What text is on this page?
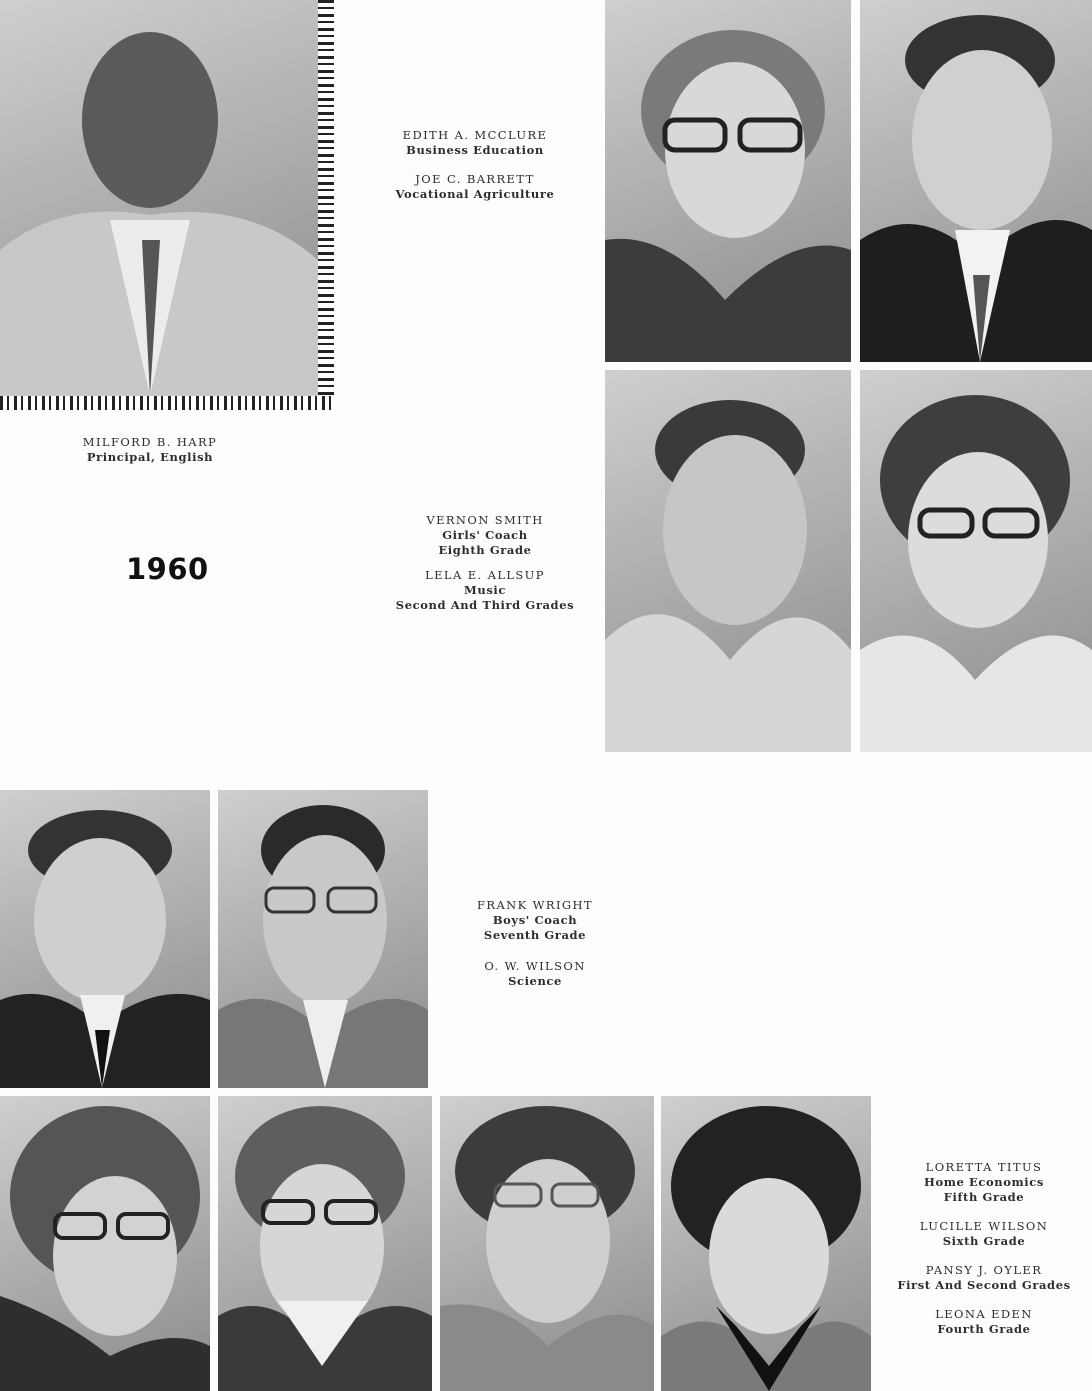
MILFORD B. HARP
Principal, English
1960
EDITH A. MCCLURE
Business Education
JOE C. BARRETT
Vocational Agriculture
VERNON SMITH
Girls' Coach
Eighth Grade
LELA E. ALLSUP
Music
Second And Third Grades
FRANK WRIGHT
Boys' Coach
Seventh Grade
O. W. WILSON
Science
LORETTA TITUS
Home Economics
Fifth Grade
LUCILLE WILSON
Sixth Grade
PANSY J. OYLER
First And Second Grades
LEONA EDEN
Fourth Grade
